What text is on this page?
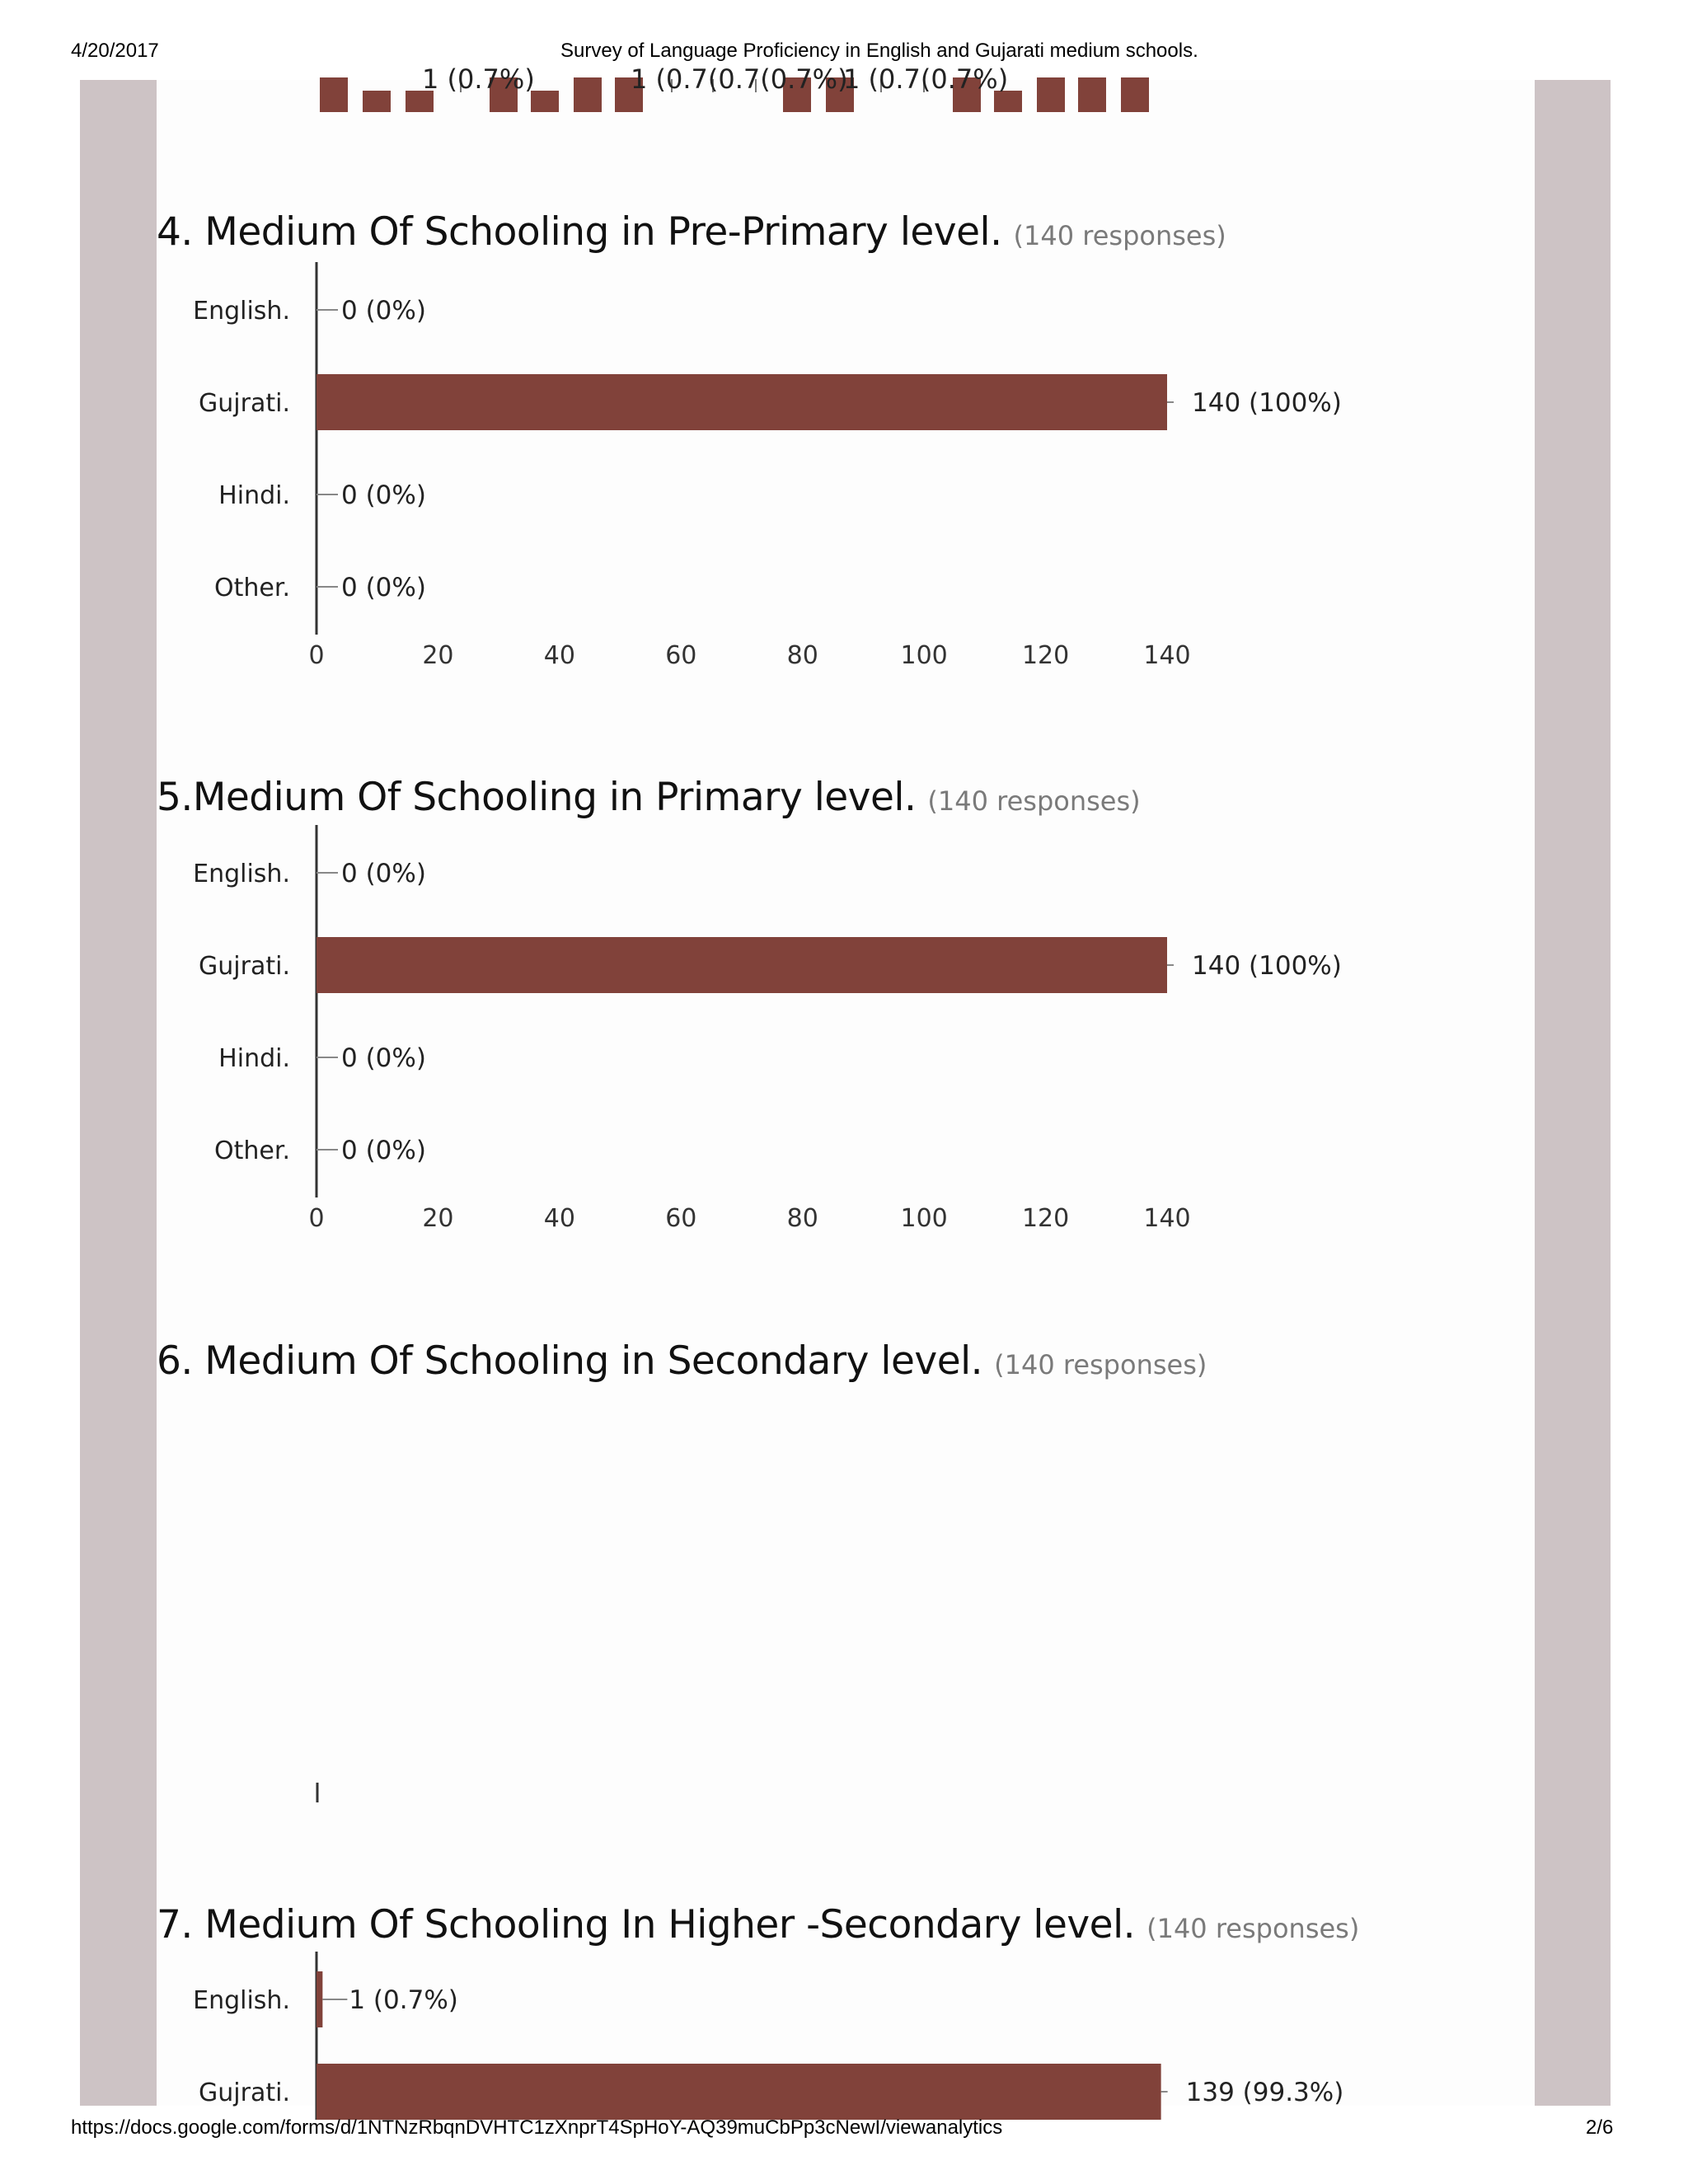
4/20/2017	Survey of Language Proficiency in English and Gujarati medium schools.
1 (0.7%)	1 (0.7(0.7(0.7%)
1 (0.7(0.7%)
4. Medium Of Schooling in Pre-Primary level. (140 responses)
5.Medium Of Schooling in Primary level. (140 responses)
6. Medium Of Schooling in Secondary level. (140 responses)
7. Medium Of Schooling In Higher -Secondary level. (140 responses)
English. 0 (0%)
Gujrati.	140 (100%)
Hindi. 0 (0%)
Other. 0 (0%)
0	20	40	60	80	100	120	140
English. 0 (0%)
Gujrati.	140 (100%)
Hindi. 0 (0%)
Other. 0 (0%)
0	20	40	60	80	100	120	140
English. 1 (0.7%)
Gujrati.	139 (99.3%)
https://docs.google.com/forms/d/1NTNzRbqnDVHTC1zXnprT4SpHoY-AQ39muCbPp3cNewI/viewanalytics	2/6
